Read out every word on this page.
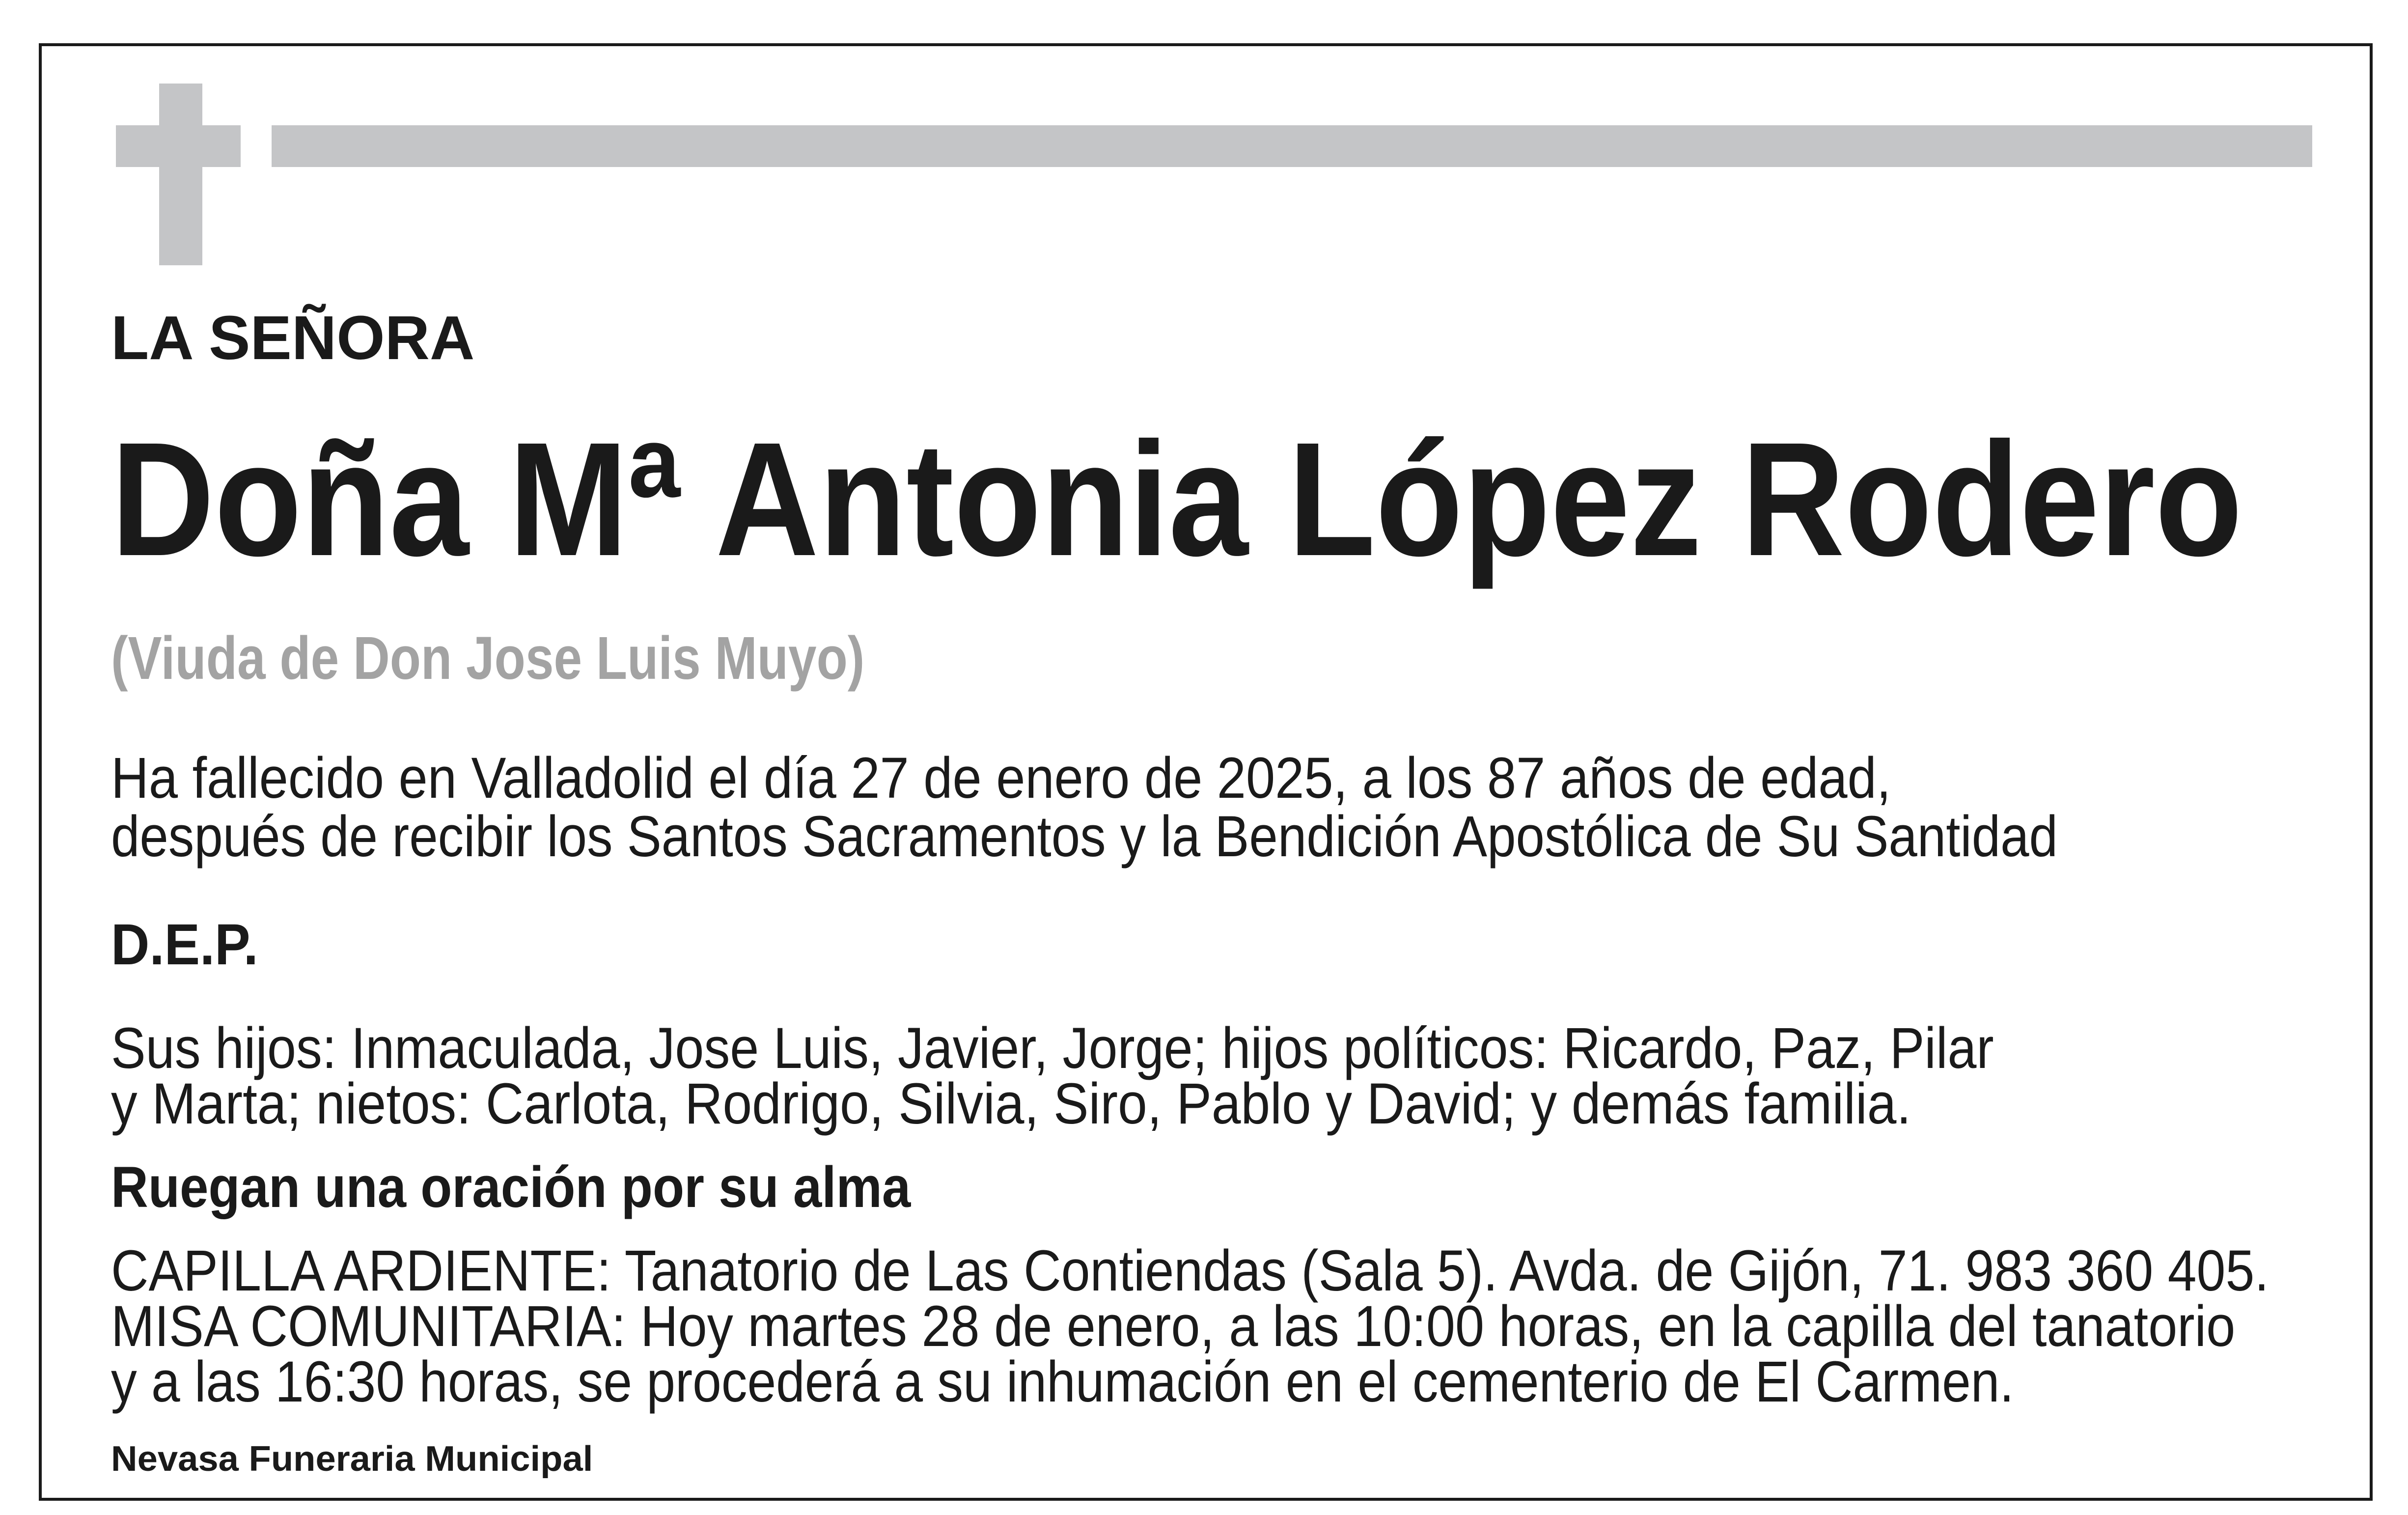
LA SEÑORA
Doña Mª Antonia López Rodero
(Viuda de Don Jose Luis Muyo)
Ha fallecido en Valladolid el día 27 de enero de 2025, a los 87 años de edad,
después de recibir los Santos Sacramentos y la Bendición Apostólica de Su Santidad
D.E.P.
Sus hijos: Inmaculada, Jose Luis, Javier, Jorge; hijos políticos: Ricardo, Paz, Pilar
y Marta; nietos: Carlota, Rodrigo, Silvia, Siro, Pablo y David; y demás familia.
Ruegan una oración por su alma
CAPILLA ARDIENTE: Tanatorio de Las Contiendas (Sala 5). Avda. de Gijón, 71. 983 360 405.
MISA COMUNITARIA: Hoy martes 28 de enero, a las 10:00 horas, en la capilla del tanatorio
y a las 16:30 horas, se procederá a su inhumación en el cementerio de El Carmen.
Nevasa Funeraria Municipal
